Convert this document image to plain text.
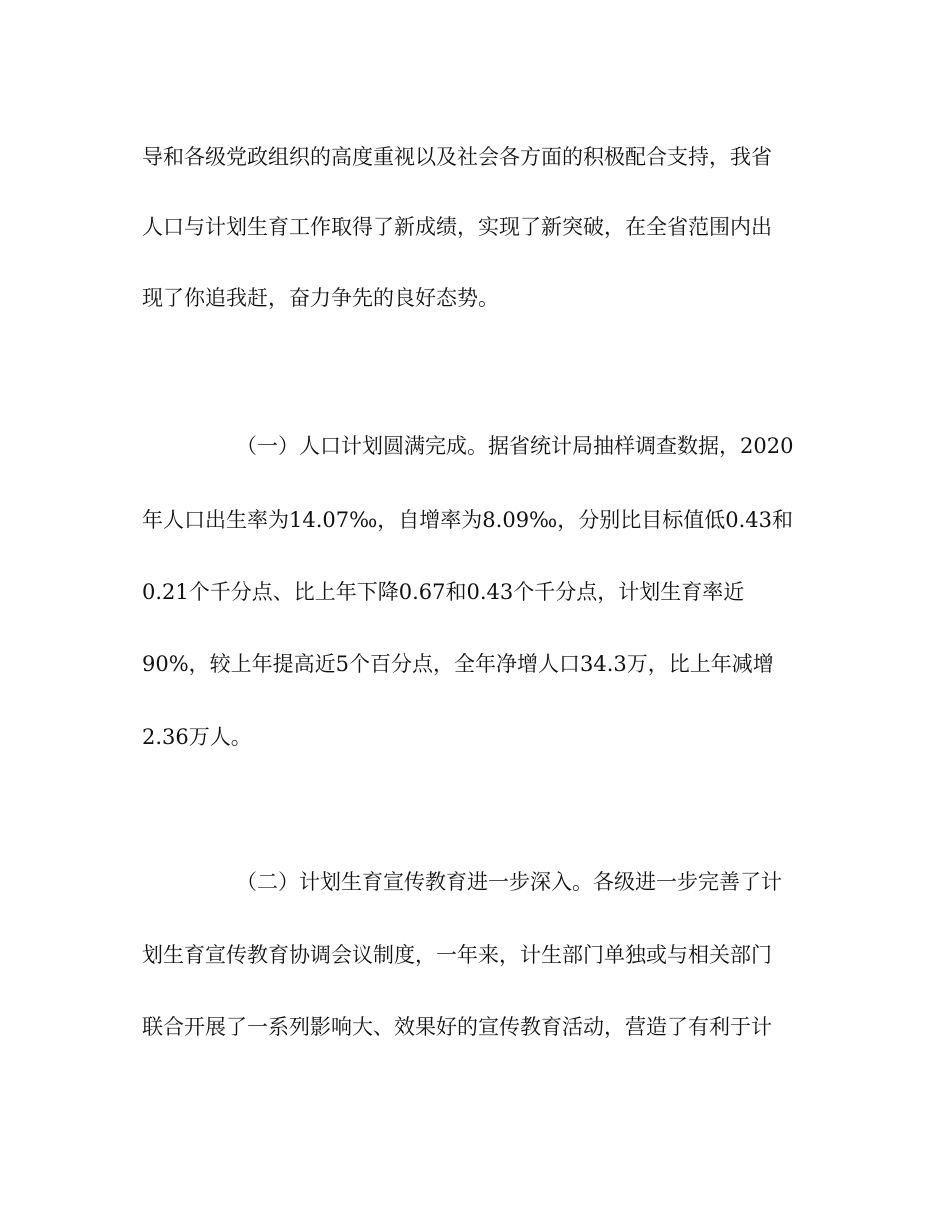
导和各级党政组织的高度重视以及社会各方面的积极配合支持，我省
人口与计划生育工作取得了新成绩，实现了新突破，在全省范围内出
现了你追我赶，奋力争先的良好态势。
（一）人口计划圆满完成。据省统计局抽样调查数据，2020
年人口出生率为14.07‰，自增率为8.09‰，分别比目标值低0.43和
0.21个千分点、比上年下降0.67和0.43个千分点，计划生育率近
90%，较上年提高近5个百分点，全年净增人口34.3万，比上年减增
2.36万人。
（二）计划生育宣传教育进一步深入。各级进一步完善了计
划生育宣传教育协调会议制度，一年来，计生部门单独或与相关部门
联合开展了一系列影响大、效果好的宣传教育活动，营造了有利于计
